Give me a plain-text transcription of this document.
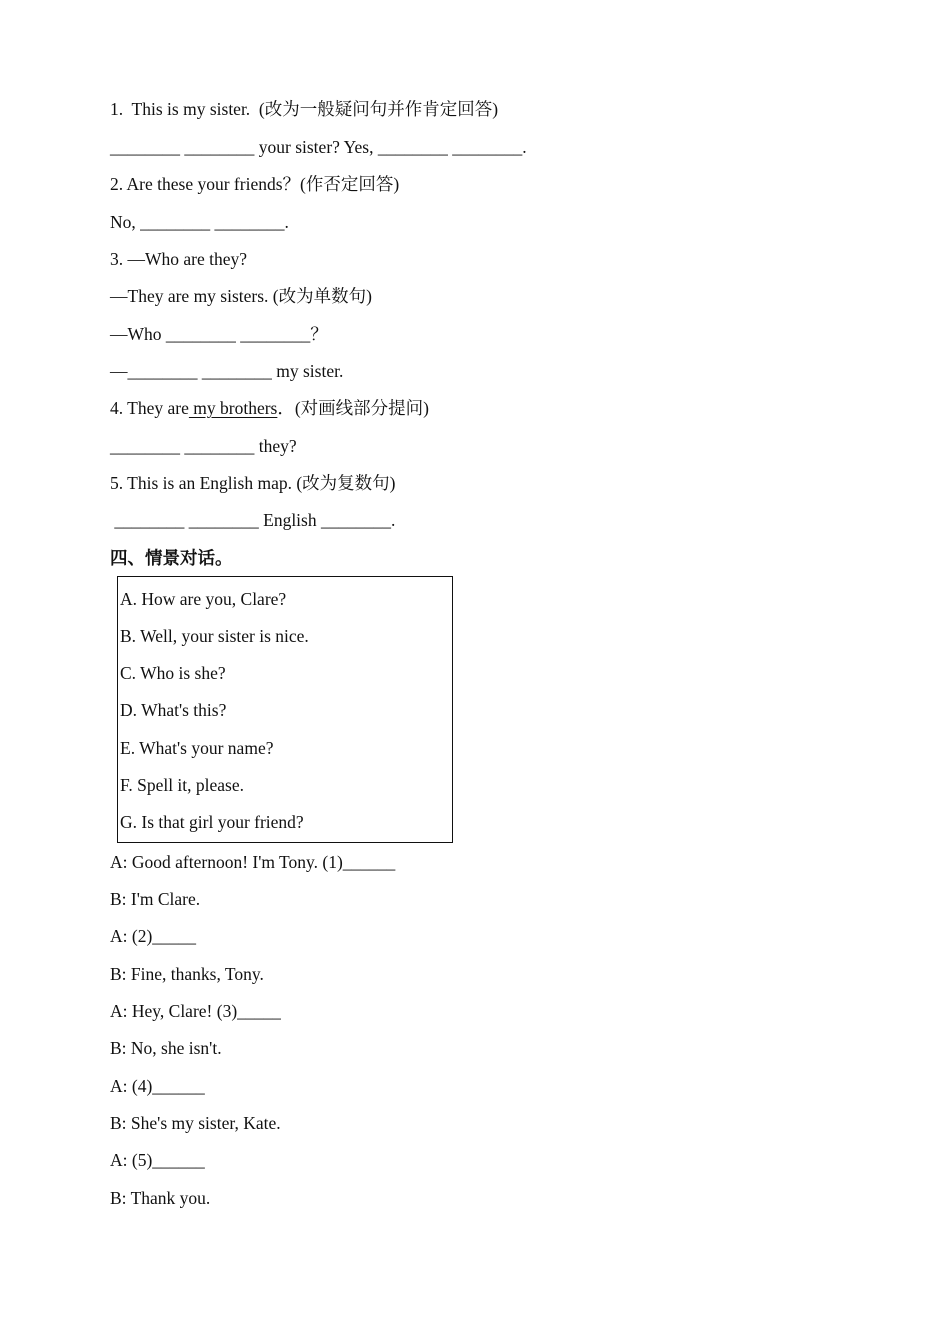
1.  This is my sister.  (改为一般疑问句并作肯定回答)
________ ________ your sister? Yes, ________ ________.
2. Are these your friends？(作否定回答)
No, ________ ________.
3. —Who are they?
—They are my sisters. (改为单数句)
—Who ________ ________？
—________ ________ my sister.
4. They are my brothers．(对画线部分提问)
________ ________ they?
5. This is an English map. (改为复数句)
________ ________ English ________.
四、情景对话。
A. How are you, Clare?
B. Well, your sister is nice.
C. Who is she?
D. What's this?
E. What's your name?
F. Spell it, please.
G. Is that girl your friend?
A: Good afternoon! I'm Tony. (1)______
B: I'm Clare.
A: (2)_____
B: Fine, thanks, Tony.
A: Hey, Clare! (3)_____
B: No, she isn't.
A: (4)______
B: She's my sister, Kate.
A: (5)______
B: Thank you.
